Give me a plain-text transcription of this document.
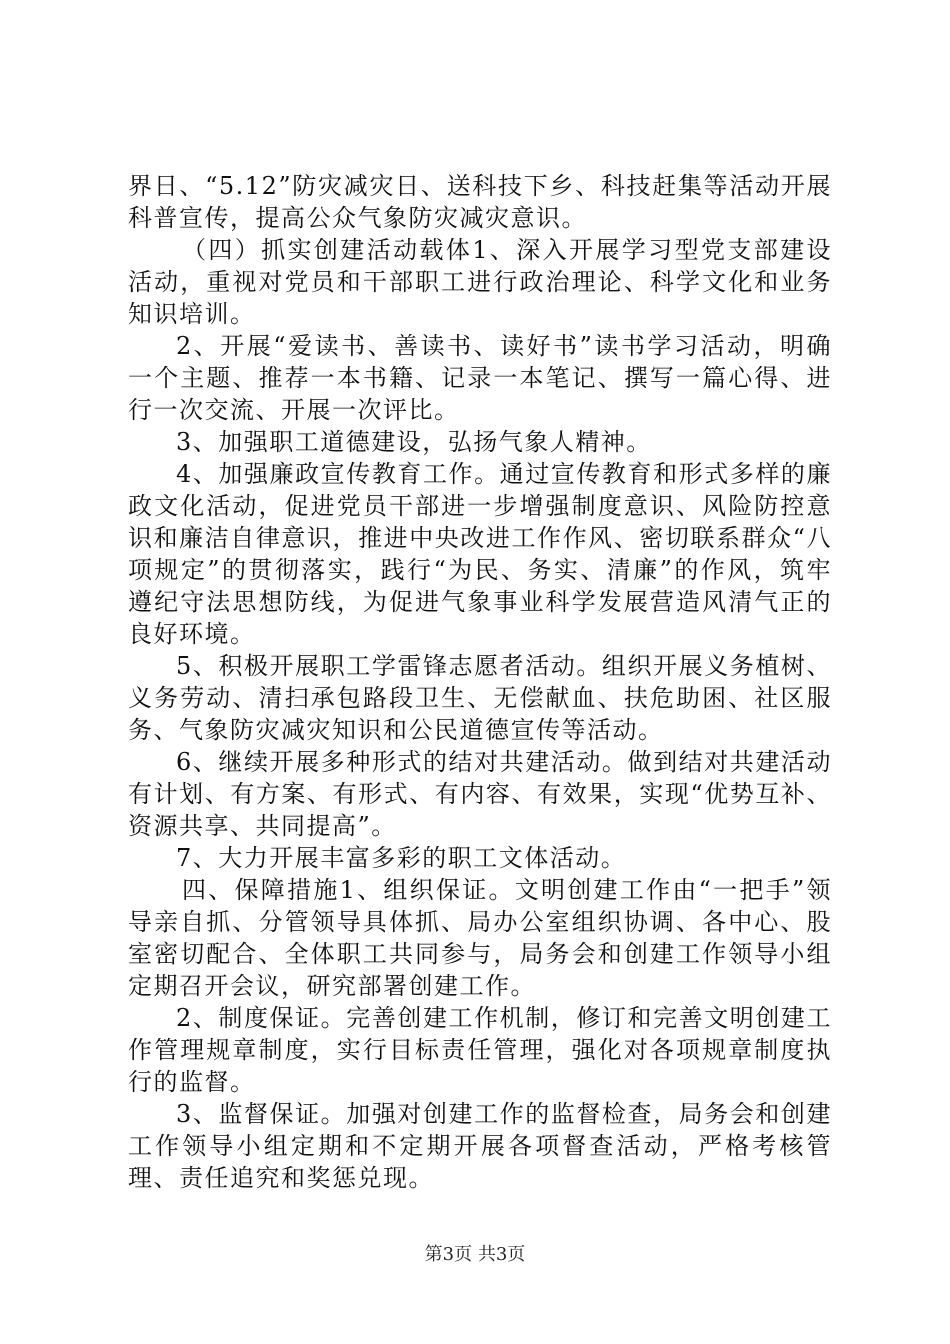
界日、“5.12”防灾减灾日、送科技下乡、科技赶集等活动开展科普宣传，提高公众气象防灾减灾意识。

（四）抓实创建活动载体1、深入开展学习型党支部建设活动，重视对党员和干部职工进行政治理论、科学文化和业务知识培训。

2、开展“爱读书、善读书、读好书”读书学习活动，明确一个主题、推荐一本书籍、记录一本笔记、撰写一篇心得、进行一次交流、开展一次评比。

3、加强职工道德建设，弘扬气象人精神。

4、加强廉政宣传教育工作。通过宣传教育和形式多样的廉政文化活动，促进党员干部进一步增强制度意识、风险防控意识和廉洁自律意识，推进中央改进工作作风、密切联系群众“八项规定”的贯彻落实，践行“为民、务实、清廉”的作风，筑牢遵纪守法思想防线，为促进气象事业科学发展营造风清气正的良好环境。

5、积极开展职工学雷锋志愿者活动。组织开展义务植树、义务劳动、清扫承包路段卫生、无偿献血、扶危助困、社区服务、气象防灾减灾知识和公民道德宣传等活动。

6、继续开展多种形式的结对共建活动。做到结对共建活动有计划、有方案、有形式、有内容、有效果，实现“优势互补、资源共享、共同提高”。

7、大力开展丰富多彩的职工文体活动。

四、保障措施1、组织保证。文明创建工作由“一把手”领导亲自抓、分管领导具体抓、局办公室组织协调、各中心、股室密切配合、全体职工共同参与，局务会和创建工作领导小组定期召开会议，研究部署创建工作。

2、制度保证。完善创建工作机制，修订和完善文明创建工作管理规章制度，实行目标责任管理，强化对各项规章制度执行的监督。

3、监督保证。加强对创建工作的监督检查，局务会和创建工作领导小组定期和不定期开展各项督查活动，严格考核管理、责任追究和奖惩兑现。

第3页 共3页
